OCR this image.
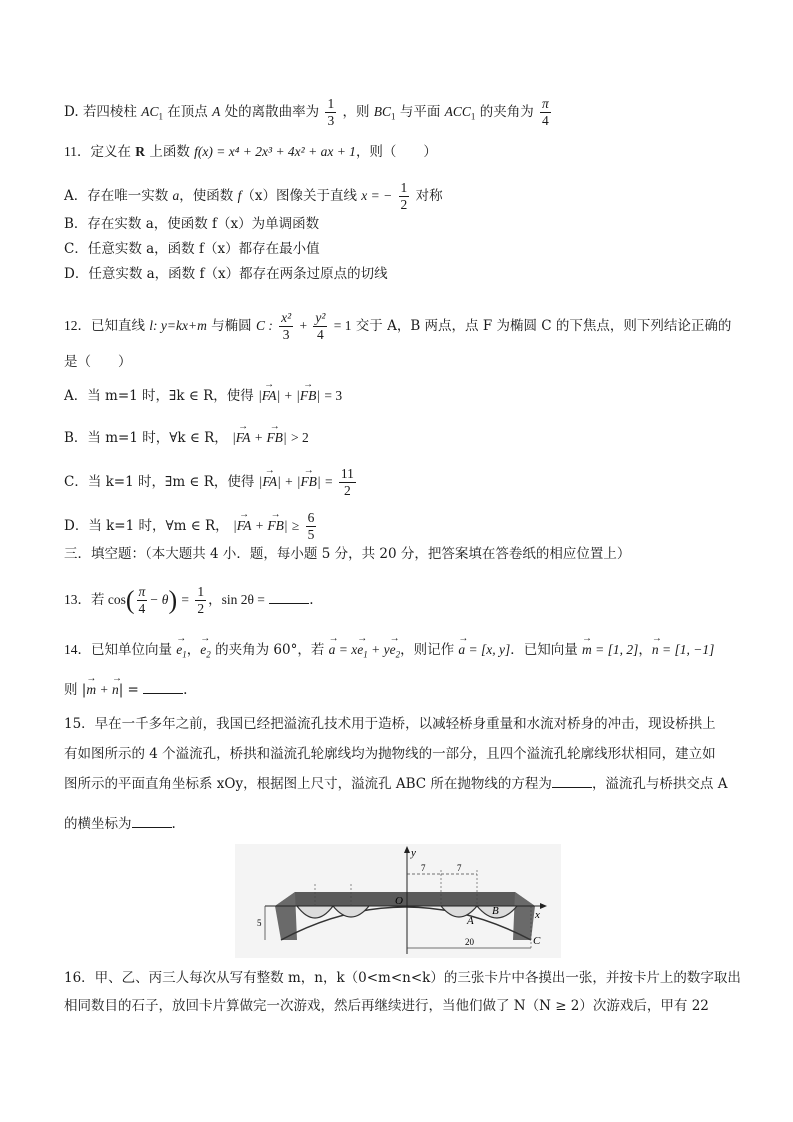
D. 若四棱柱 $AC_1$ 在顶点 A 处的离散曲率为 $\frac{1}{3}$ ，则 $BC_1$ 与平面 $ACC_1$ 的夹角为 $\frac{\pi}{4}$
11．定义在 R 上函数 f(x) = x⁴ + 2x³ + 4x² + ax + 1，则（　　）
A．存在唯一实数 a，使函数 f（x）图像关于直线 x = − $\frac{1}{2}$ 对称
B．存在实数 a，使函数 f（x）为单调函数
C．任意实数 a，函数 f（x）都存在最小值
D．任意实数 a，函数 f（x）都存在两条过原点的切线
12．已知直线 l: y=kx+m 与椭圆 C : $\frac{\text{x²}}{3} + \frac{\text{y²}}{4} = 1$ 交于 A，B 两点，点 F 为椭圆 C 的下焦点，则下列结论正确的
是（　　）
A．当 m=1 时，∃k ∈ R，使得 |→ FA| + |→ FB| = 3
B．当 m=1 时，∀k ∈ R， |→ FA + → FB| > 2
C．当 k=1 时，∃m ∈ R，使得 |→ FA| + |→ $FB| = \frac{11}{2}$
D．当 k=1 时，∀m ∈ R， |→ FA + → $FB| \ge \frac{6}{5}$
三．填空题：（本大题共 4 小．题，每小题 5 分，共 20 分，把答案填在答卷纸的相应位置上）
13．若 $\cos( \frac{\pi}{4} - \theta) = \frac{1}{2}$ ，sin 2θ =	.
14．已知单位向量 → $e_1$，→ $e_2$ 的夹角为 60°，若 → $a = x\to e_1 + y\to e_2$，则记作 → a = [x, y]．已知向量 → m = [1, 2]，→ n = [1, −1]
则 |→ m + → n| =	.
15．早在一千多年之前，我国已经把溢流孔技术用于造桥，以减轻桥身重量和水流对桥身的冲击，现设桥拱上
有如图所示的 4 个溢流孔，桥拱和溢流孔轮廓线均为抛物线的一部分，且四个溢流孔轮廓线形状相同，建立如
图所示的平面直角坐标系 xOy，根据图上尺寸，溢流孔 ABC 所在抛物线的方程为	，溢流孔与桥拱交点 A
的横坐标为	.
y
x
O
A
B
C
7	7
5
20
16．甲、乙、丙三人每次从写有整数 m，n，k（0<m<n<k）的三张卡片中各摸出一张，并按卡片上的数字取出
相同数目的石子，放回卡片算做完一次游戏，然后再继续进行，当他们做了 N（N ≥ 2）次游戏后，甲有 22
